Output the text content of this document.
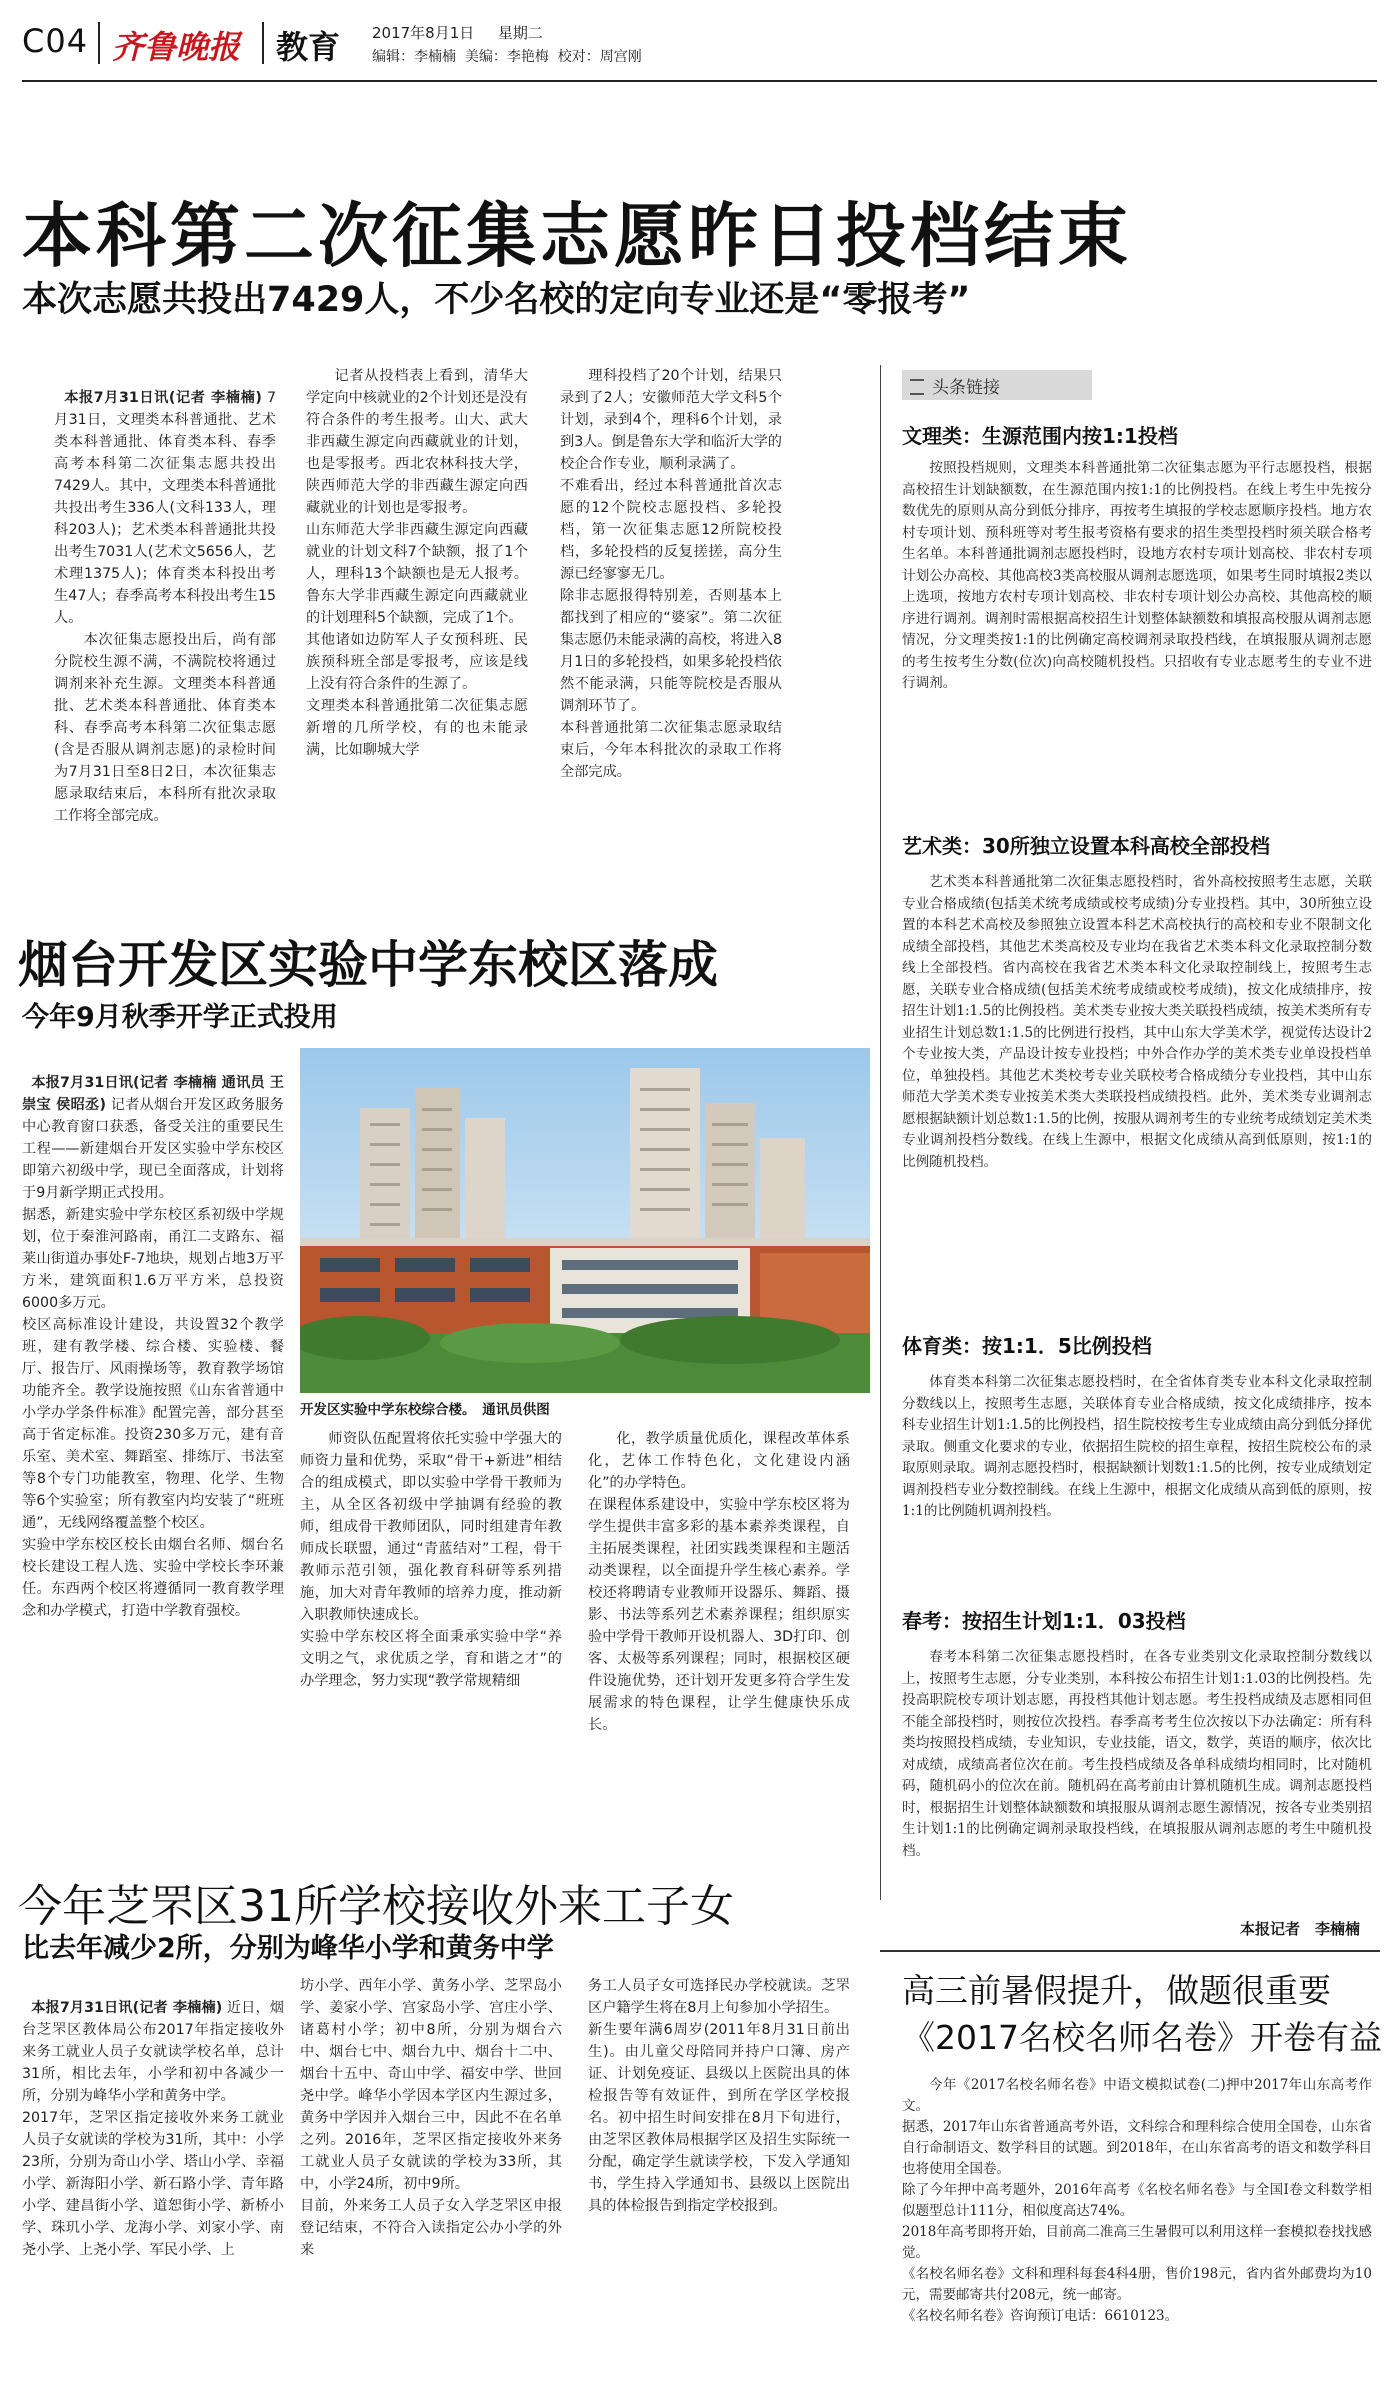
C04 齐鲁晚报 教育 2017年8月1日 星期二
编辑：李楠楠  美编：李艳梅  校对：周宫刚
本科第二次征集志愿昨日投档结束
本次志愿共投出7429人，不少名校的定向专业还是“零报考”

本报7月31日讯(记者 李楠楠) 7月31日，文理类本科普通批、艺术类本科普通批、体育类本科、春季高考本科第二次征集志愿共投出7429人。其中，文理类本科普通批共投出考生336人(文科133人，理科203人)；艺术类本科普通批共投出考生7031人(艺术文5656人，艺术理1375人)；体育类本科投出考生47人；春季高考本科投出考生15人。
　　本次征集志愿投出后，尚有部分院校生源不满，不满院校将通过调剂来补充生源。文理类本科普通批、艺术类本科普通批、体育类本科、春季高考本科第二次征集志愿(含是否服从调剂志愿)的录检时间为7月31日至8日2日，本次征集志愿录取结束后，本科所有批次录取工作将全部完成。

记者从投档表上看到，清华大学定向中核就业的2个计划还是没有符合条件的考生报考。山大、武大非西藏生源定向西藏就业的计划，也是零报考。西北农林科技大学，陕西师范大学的非西藏生源定向西藏就业的计划也是零报考。
山东师范大学非西藏生源定向西藏就业的计划文科7个缺额，报了1个人，理科13个缺额也是无人报考。鲁东大学非西藏生源定向西藏就业的计划理科5个缺额，完成了1个。
其他诸如边防军人子女预科班、民族预科班全部是零报考，应该是线上没有符合条件的生源了。
文理类本科普通批第二次征集志愿新增的几所学校，有的也未能录满，比如聊城大学
理科投档了20个计划，结果只录到了2人；安徽师范大学文科5个计划，录到4个，理科6个计划，录到3人。倒是鲁东大学和临沂大学的校企合作专业，顺利录满了。
不难看出，经过本科普通批首次志愿的12个院校志愿投档、多轮投档，第一次征集志愿12所院校投档，多轮投档的反复搓搓，高分生源已经寥寥无几。
除非志愿报得特别差，否则基本上都找到了相应的“婆家”。第二次征集志愿仍未能录满的高校，将进入8月1日的多轮投档，如果多轮投档依然不能录满，只能等院校是否服从调剂环节了。
本科普通批第二次征集志愿录取结束后，今年本科批次的录取工作将全部完成。
头条链接
文理类：生源范围内按1:1投档
按照投档规则，文理类本科普通批第二次征集志愿为平行志愿投档，根据高校招生计划缺额数，在生源范围内按1:1的比例投档。在线上考生中先按分数优先的原则从高分到低分排序，再按考生填报的学校志愿顺序投档。地方农村专项计划、预科班等对考生报考资格有要求的招生类型投档时须关联合格考生名单。本科普通批调剂志愿投档时，设地方农村专项计划高校、非农村专项计划公办高校、其他高校3类高校服从调剂志愿选项，如果考生同时填报2类以上选项，按地方农村专项计划高校、非农村专项计划公办高校、其他高校的顺序进行调剂。调剂时需根据高校招生计划整体缺额数和填报高校服从调剂志愿情况，分文理类按1:1的比例确定高校调剂录取投档线，在填报服从调剂志愿的考生按考生分数(位次)向高校随机投档。只招收有专业志愿考生的专业不进行调剂。
艺术类：30所独立设置本科高校全部投档
艺术类本科普通批第二次征集志愿投档时，省外高校按照考生志愿，关联专业合格成绩(包括美术统考成绩或校考成绩)分专业投档。其中，30所独立设置的本科艺术高校及参照独立设置本科艺术高校执行的高校和专业不限制文化成绩全部投档，其他艺术类高校及专业均在我省艺术类本科文化录取控制分数线上全部投档。省内高校在我省艺术类本科文化录取控制线上，按照考生志愿，关联专业合格成绩(包括美术统考成绩或校考成绩)，按文化成绩排序，按招生计划1:1.5的比例投档。美术类专业按大类关联投档成绩，按美术类所有专业招生计划总数1:1.5的比例进行投档，其中山东大学美术学，视觉传达设计2个专业按大类，产品设计按专业投档；中外合作办学的美术类专业单设投档单位，单独投档。其他艺术类校考专业关联校考合格成绩分专业投档，其中山东师范大学美术类专业按美术类大类联投档成绩投档。此外，美术类专业调剂志愿根据缺额计划总数1:1.5的比例，按服从调剂考生的专业统考成绩划定美术类专业调剂投档分数线。在线上生源中，根据文化成绩从高到低原则，按1:1的比例随机投档。
体育类：按1:1．5比例投档
体育类本科第二次征集志愿投档时，在全省体育类专业本科文化录取控制分数线以上，按照考生志愿，关联体育专业合格成绩，按文化成绩排序，按本科专业招生计划1:1.5的比例投档，招生院校按考生专业成绩由高分到低分择优录取。侧重文化要求的专业，依据招生院校的招生章程，按招生院校公布的录取原则录取。调剂志愿投档时，根据缺额计划数1:1.5的比例，按专业成绩划定调剂投档专业分数控制线。在线上生源中，根据文化成绩从高到低的原则，按1:1的比例随机调剂投档。
春考：按招生计划1:1．03投档
春考本科第二次征集志愿投档时，在各专业类别文化录取控制分数线以上，按照考生志愿，分专业类别，本科按公布招生计划1:1.03的比例投档。先投高职院校专项计划志愿，再投档其他计划志愿。考生投档成绩及志愿相同但不能全部投档时，则按位次投档。春季高考考生位次按以下办法确定：所有科类均按照投档成绩，专业知识，专业技能，语文，数学，英语的顺序，依次比对成绩，成绩高者位次在前。考生投档成绩及各单科成绩均相同时，比对随机码，随机码小的位次在前。随机码在高考前由计算机随机生成。调剂志愿投档时，根据招生计划整体缺额数和填报服从调剂志愿生源情况，按各专业类别招生计划1:1的比例确定调剂录取投档线，在填报服从调剂志愿的考生中随机投档。
本报记者　李楠楠
烟台开发区实验中学东校区落成
今年9月秋季开学正式投用

本报7月31日讯(记者 李楠楠 通讯员 王崇宝 侯昭丞) 记者从烟台开发区政务服务中心教育窗口获悉，备受关注的重要民生工程——新建烟台开发区实验中学东校区即第六初级中学，现已全面落成，计划将于9月新学期正式投用。
据悉，新建实验中学东校区系初级中学规划，位于秦淮河路南，甬江二支路东、福莱山街道办事处F-7地块，规划占地3万平方米，建筑面积1.6万平方米，总投资6000多万元。
校区高标准设计建设，共设置32个教学班，建有教学楼、综合楼、实验楼、餐厅、报告厅、风雨操场等，教育教学场馆功能齐全。教学设施按照《山东省普通中小学办学条件标准》配置完善，部分甚至高于省定标准。投资230多万元，建有音乐室、美术室、舞蹈室、排练厅、书法室等8个专门功能教室，物理、化学、生物等6个实验室；所有教室内均安装了“班班通”，无线网络覆盖整个校区。
实验中学东校区校长由烟台名师、烟台名校长建设工程人选、实验中学校长李环兼任。东西两个校区将遵循同一教育教学理念和办学模式，打造中学教育强校。

开发区实验中学东校综合楼。　通讯员供图
师资队伍配置将依托实验中学强大的师资力量和优势，采取“骨干+新进”相结合的组成模式，即以实验中学骨干教师为主，从全区各初级中学抽调有经验的教师，组成骨干教师团队，同时组建青年教师成长联盟，通过“青蓝结对”工程，骨干教师示范引领，强化教育科研等系列措施，加大对青年教师的培养力度，推动新入职教师快速成长。
实验中学东校区将全面秉承实验中学“养文明之气，求优质之学，育和谐之才”的办学理念，努力实现“教学常规精细
化，教学质量优质化，课程改革体系化，艺体工作特色化，文化建设内涵化”的办学特色。
在课程体系建设中，实验中学东校区将为学生提供丰富多彩的基本素养类课程，自主拓展类课程，社团实践类课程和主题活动类课程，以全面提升学生核心素养。学校还将聘请专业教师开设器乐、舞蹈、摄影、书法等系列艺术素养课程；组织原实验中学骨干教师开设机器人、3D打印、创客、太极等系列课程；同时，根据校区硬件设施优势，还计划开发更多符合学生发展需求的特色课程，让学生健康快乐成长。
今年芝罘区31所学校接收外来工子女
比去年减少2所，分别为峰华小学和黄务中学

本报7月31日讯(记者 李楠楠) 近日，烟台芝罘区教体局公布2017年指定接收外来务工就业人员子女就读学校名单，总计31所，相比去年，小学和初中各减少一所，分别为峰华小学和黄务中学。
2017年，芝罘区指定接收外来务工就业人员子女就读的学校为31所，其中：小学23所，分别为奇山小学、塔山小学、幸福小学、新海阳小学、新石路小学、青年路小学、建昌街小学、道恕街小学、新桥小学、珠玑小学、龙海小学、刘家小学、南尧小学、上尧小学、军民小学、上

坊小学、西年小学、黄务小学、芝罘岛小学、姜家小学、宫家岛小学、宫庄小学、诸葛村小学；初中8所，分别为烟台六中、烟台七中、烟台九中、烟台十二中、烟台十五中、奇山中学、福安中学、世回尧中学。峰华小学因本学区内生源过多，黄务中学因并入烟台三中，因此不在名单之列。2016年，芝罘区指定接收外来务工就业人员子女就读的学校为33所，其中，小学24所，初中9所。
目前，外来务工人员子女入学芝罘区申报登记结束，不符合入读指定公办小学的外来
务工人员子女可选择民办学校就读。芝罘区户籍学生将在8月上旬参加小学招生。
新生要年满6周岁(2011年8月31日前出生)。由儿童父母陪同并持户口簿、房产证、计划免疫证、县级以上医院出具的体检报告等有效证件，到所在学区学校报名。初中招生时间安排在8月下旬进行，由芝罘区教体局根据学区及招生实际统一分配，确定学生就读学校，下发入学通知书，学生持入学通知书、县级以上医院出具的体检报告到指定学校报到。
高三前暑假提升，做题很重要
《2017名校名师名卷》开卷有益
今年《2017名校名师名卷》中语文模拟试卷(二)押中2017年山东高考作文。
据悉，2017年山东省普通高考外语，文科综合和理科综合使用全国卷，山东省自行命制语文、数学科目的试题。到2018年，在山东省高考的语文和数学科目也将使用全国卷。
除了今年押中高考题外，2016年高考《名校名师名卷》与全国Ⅰ卷文科数学相似题型总计111分，相似度高达74%。
2018年高考即将开始，目前高二准高三生暑假可以利用这样一套模拟卷找找感觉。
《名校名师名卷》文科和理科每套4科4册，售价198元，省内省外邮费均为10元，需要邮寄共付208元，统一邮寄。
《名校名师名卷》咨询预订电话：6610123。
